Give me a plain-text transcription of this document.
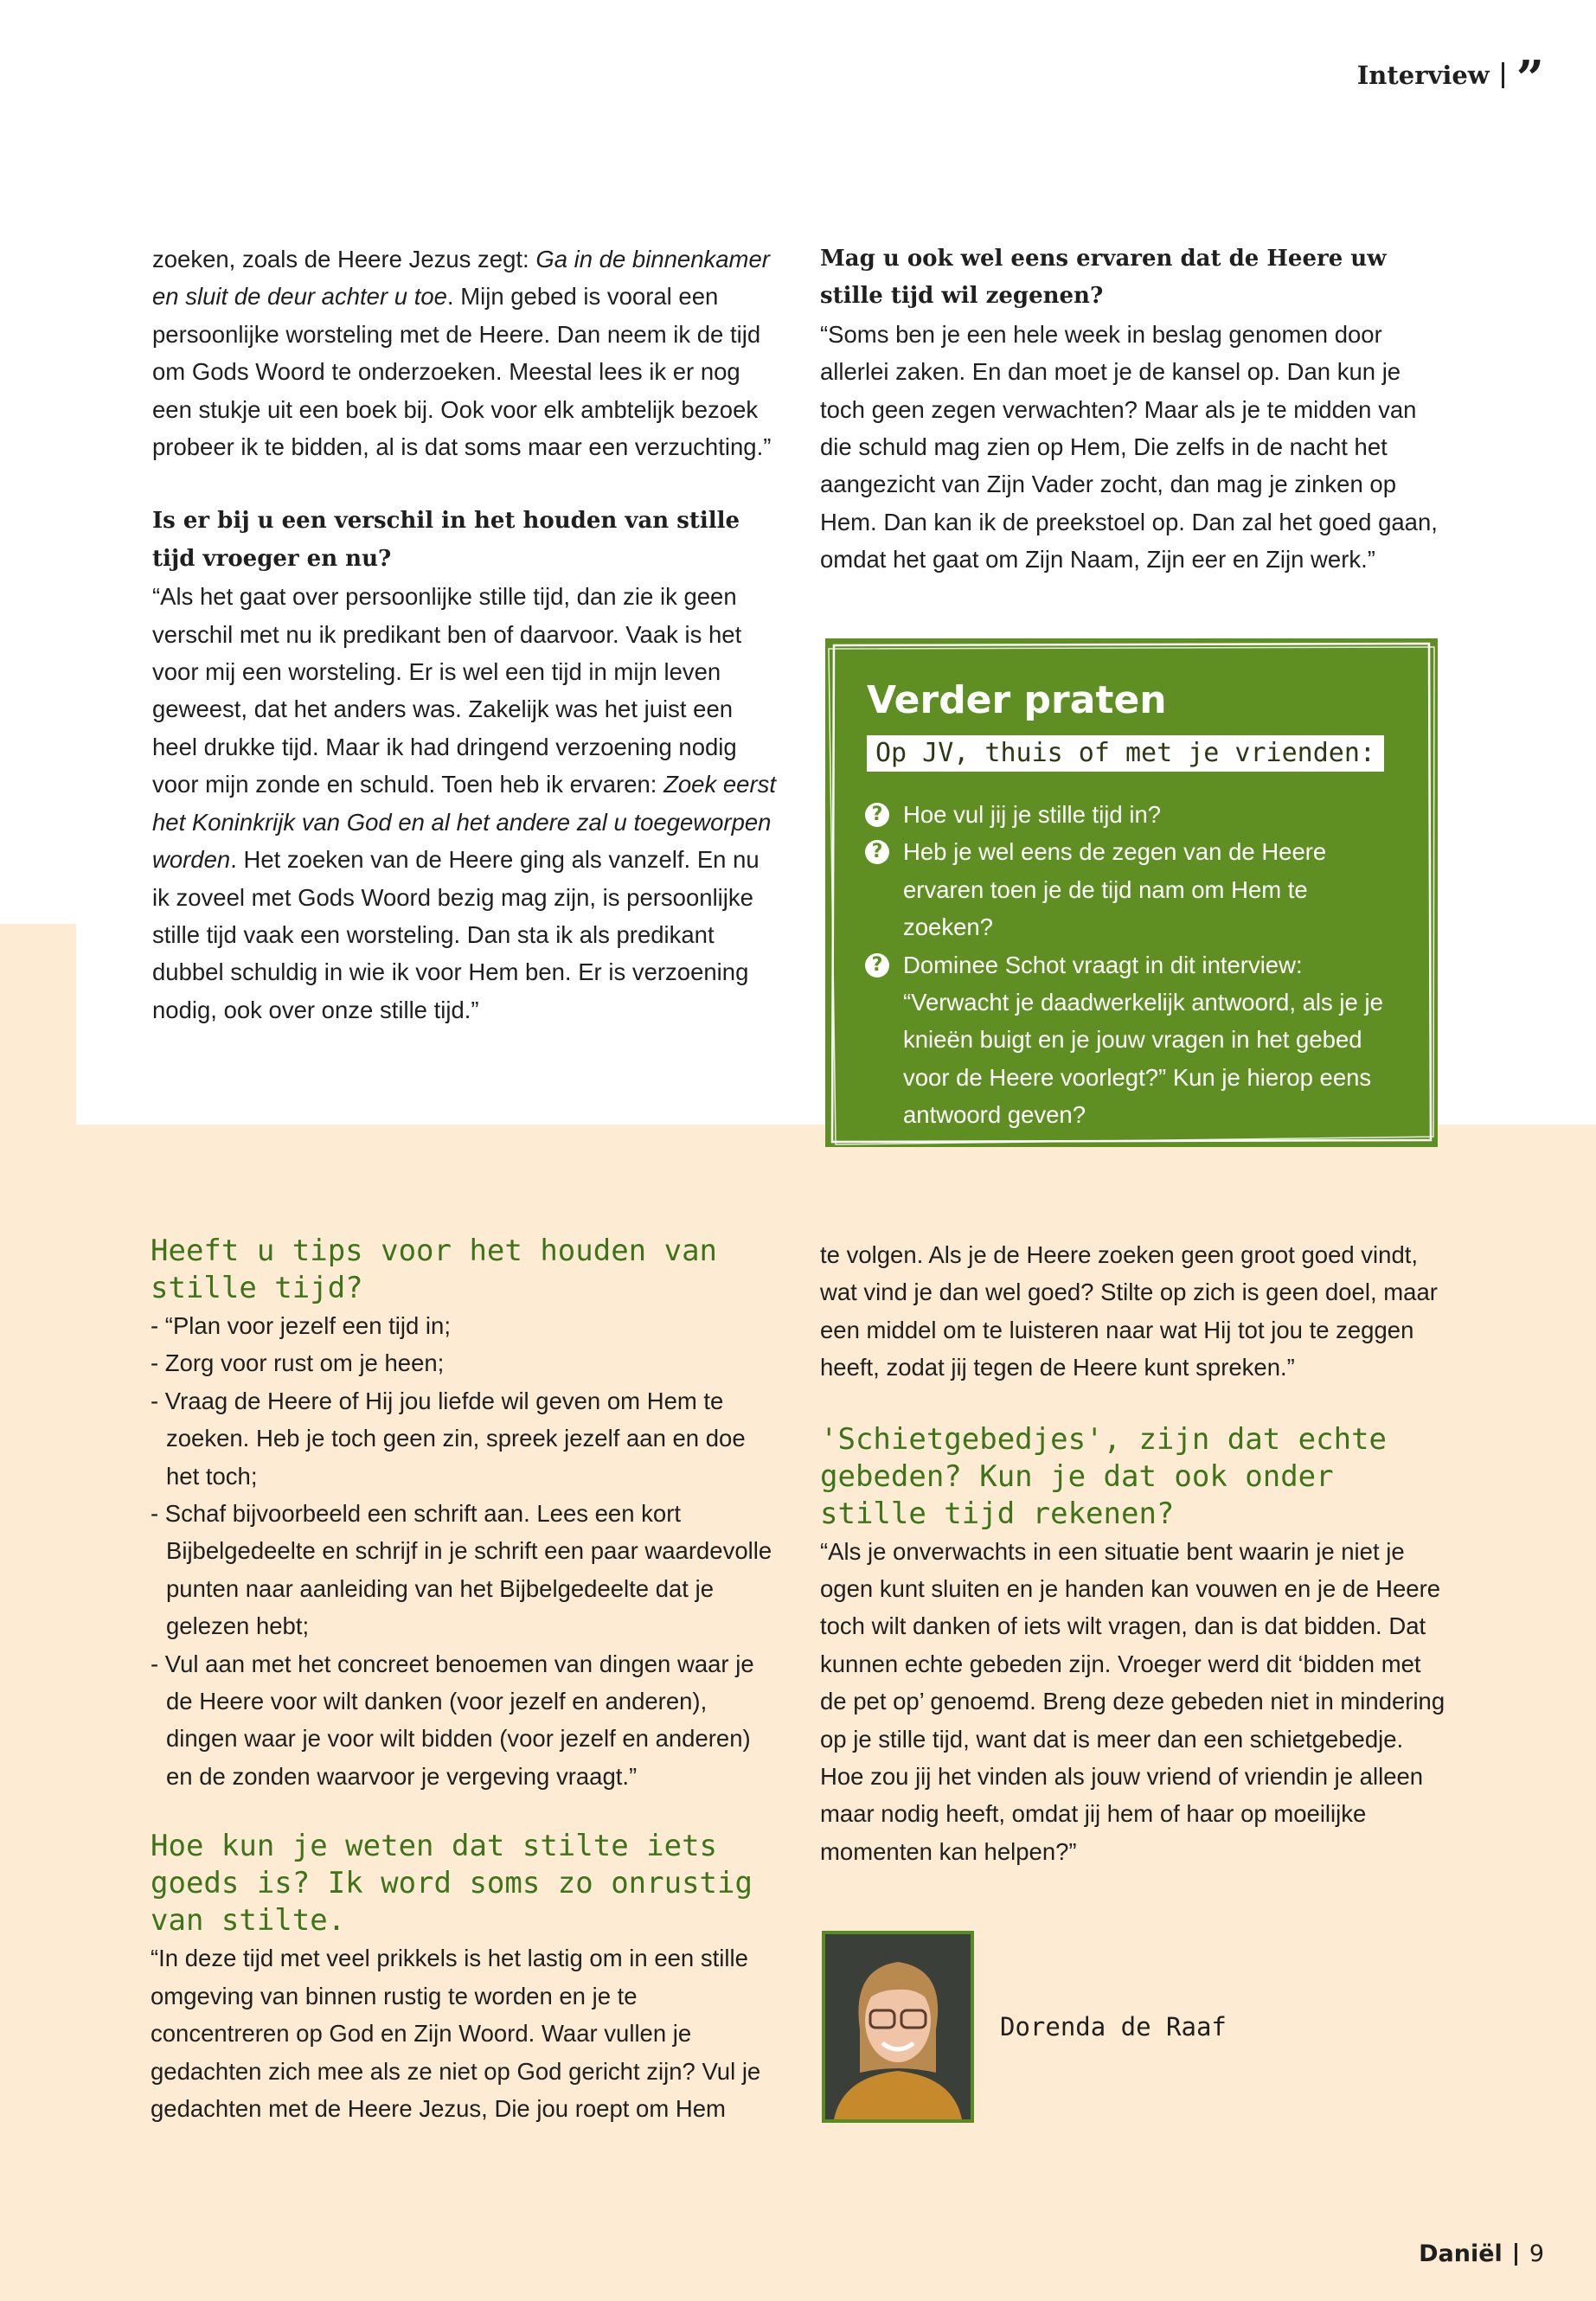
Interview ”

zoeken, zoals de Heere Jezus zegt: Ga in de binnenkamer en sluit de deur achter u toe. Mijn gebed is vooral een persoonlijke worsteling met de Heere. Dan neem ik de tijd om Gods Woord te onderzoeken. Meestal lees ik er nog een stukje uit een boek bij. Ook voor elk ambtelijk bezoek probeer ik te bidden, al is dat soms maar een verzuchting.”

Is er bij u een verschil in het houden van stille tijd vroeger en nu?

“Als het gaat over persoonlijke stille tijd, dan zie ik geen verschil met nu ik predikant ben of daarvoor. Vaak is het voor mij een worsteling. Er is wel een tijd in mijn leven geweest, dat het anders was. Zakelijk was het juist een heel drukke tijd. Maar ik had dringend verzoening nodig voor mijn zonde en schuld. Toen heb ik ervaren: Zoek eerst het Koninkrijk van God en al het andere zal u toegeworpen worden. Het zoeken van de Heere ging als vanzelf. En nu ik zoveel met Gods Woord bezig mag zijn, is persoonlijke stille tijd vaak een worsteling. Dan sta ik als predikant dubbel schuldig in wie ik voor Hem ben. Er is verzoening nodig, ook over onze stille tijd.”

Mag u ook wel eens ervaren dat de Heere uw stille tijd wil zegenen?

“Soms ben je een hele week in beslag genomen door allerlei zaken. En dan moet je de kansel op. Dan kun je toch geen zegen verwachten? Maar als je te midden van die schuld mag zien op Hem, Die zelfs in de nacht het aangezicht van Zijn Vader zocht, dan mag je zinken op Hem. Dan kan ik de preekstoel op. Dan zal het goed gaan, omdat het gaat om Zijn Naam, Zijn eer en Zijn werk.”

Verder praten
Op JV, thuis of met je vrienden:
? Hoe vul jij je stille tijd in?
? Heb je wel eens de zegen van de Heere ervaren toen je de tijd nam om Hem te zoeken?
? Dominee Schot vraagt in dit interview: “Verwacht je daadwerkelijk antwoord, als je je knieën buigt en je jouw vragen in het gebed voor de Heere voorlegt?” Kun je hierop eens antwoord geven?
Heeft u tips voor het houden van stille tijd?
- “Plan voor jezelf een tijd in;
- Zorg voor rust om je heen;
- Vraag de Heere of Hij jou liefde wil geven om Hem te zoeken. Heb je toch geen zin, spreek jezelf aan en doe het toch;
- Schaf bijvoorbeeld een schrift aan. Lees een kort Bijbelgedeelte en schrijf in je schrift een paar waardevolle punten naar aanleiding van het Bijbelgedeelte dat je gelezen hebt;
- Vul aan met het concreet benoemen van dingen waar je de Heere voor wilt danken (voor jezelf en anderen), dingen waar je voor wilt bidden (voor jezelf en anderen) en de zonden waarvoor je vergeving vraagt.”
Hoe kun je weten dat stilte iets goeds is? Ik word soms zo onrustig van stilte.

“In deze tijd met veel prikkels is het lastig om in een stille omgeving van binnen rustig te worden en je te concentreren op God en Zijn Woord. Waar vullen je gedachten zich mee als ze niet op God gericht zijn? Vul je gedachten met de Heere Jezus, Die jou roept om Hem

te volgen. Als je de Heere zoeken geen groot goed vindt, wat vind je dan wel goed? Stilte op zich is geen doel, maar een middel om te luisteren naar wat Hij tot jou te zeggen heeft, zodat jij tegen de Heere kunt spreken.”

'Schietgebedjes', zijn dat echte gebeden? Kun je dat ook onder stille tijd rekenen?

“Als je onverwachts in een situatie bent waarin je niet je ogen kunt sluiten en je handen kan vouwen en je de Heere toch wilt danken of iets wilt vragen, dan is dat bidden. Dat kunnen echte gebeden zijn. Vroeger werd dit ‘bidden met de pet op’ genoemd. Breng deze gebeden niet in mindering op je stille tijd, want dat is meer dan een schietgebedje. Hoe zou jij het vinden als jouw vriend of vriendin je alleen maar nodig heeft, omdat jij hem of haar op moeilijke momenten kan helpen?”

Dorenda de Raaf
Daniël 9
